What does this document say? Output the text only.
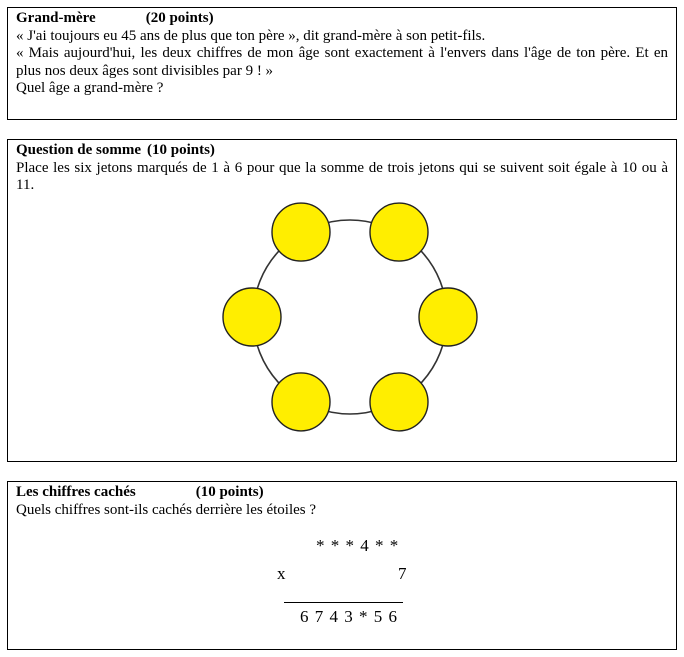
Grand-mère	(20 points)

« J'ai toujours eu 45 ans de plus que ton père », dit grand-mère à son petit-fils.

« Mais aujourd'hui, les deux chiffres de mon âge sont exactement à l'envers dans l'âge de ton père. Et en plus nos deux âges sont divisibles par 9 ! »

Quel âge a grand-mère ?

Question de somme (10 points)

Place les six jetons marqués de 1 à 6 pour que la somme de trois jetons qui se suivent soit égale à 10 ou à 11.

Les chiffres cachés	(10 points)

Quels chiffres sont-ils cachés derrière les étoiles ?

* * * 4 * *
x	7
6 7 4 3 * 5 6
